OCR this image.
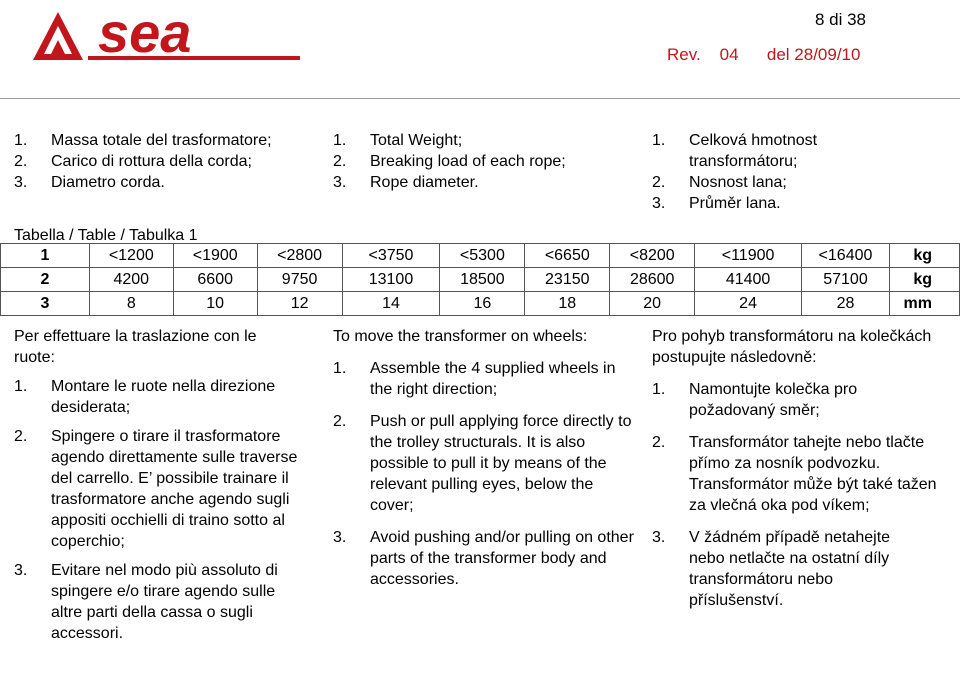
sea	8 di 38
Rev. 04 del 28/09/10
1. Massa totale del trasformatore;
2. Carico di rottura della corda;
3. Diametro corda.
1. Total Weight;
2. Breaking load of each rope;
3. Rope diameter.
1. Celková hmotnost transformátoru;
2. Nosnost lana;
3. Průměr lana.
Tabella / Table / Tabulka 1
1	<1200	<1900	<2800	<3750	<5300	<6650	<8200	<11900	<16400	kg
2	4200	6600	9750	13100	18500	23150	28600	41400	57100	kg
3	8	10	12	14	16	18	20	24	28	mm

Per effettuare la traslazione con le ruote:

1. Montare le ruote nella direzione desiderata;
2. Spingere o tirare il trasformatore agendo direttamente sulle traverse del carrello. E’ possibile trainare il trasformatore anche agendo sugli appositi occhielli di traino sotto al coperchio;
3. Evitare nel modo più assoluto di spingere e/o tirare agendo sulle altre parti della cassa o sugli accessori.

To move the transformer on wheels:

1. Assemble the 4 supplied wheels in the right direction;
2. Push or pull applying force directly to the trolley structurals. It is also possible to pull it by means of the relevant pulling eyes, below the cover;
3. Avoid pushing and/or pulling on other parts of the transformer body and accessories.

Pro pohyb transformátoru na kolečkách postupujte následovně:

1. Namontujte kolečka pro požadovaný směr;
2. Transformátor tahejte nebo tlačte přímo za nosník podvozku. Transformátor může být také tažen za vlečná oka pod víkem;
3. V žádném případě netahejte nebo netlačte na ostatní díly transformátoru nebo příslušenství.
